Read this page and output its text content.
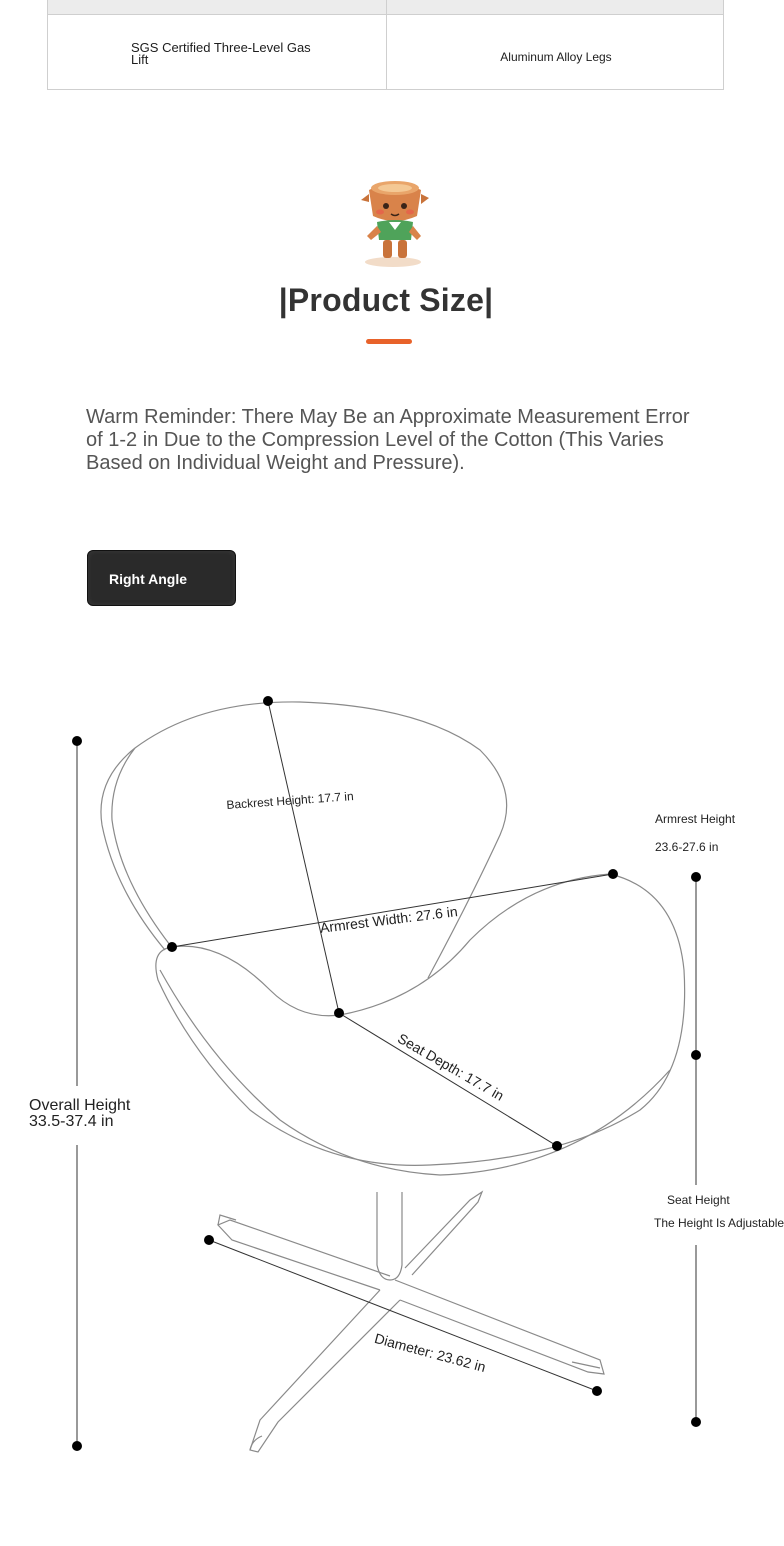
SGS Certified Three-Level Gas Lift	Aluminum Alloy Legs
|Product Size|
Warm Reminder: There May Be an Approximate Measurement Error of 1-2 in Due to the Compression Level of the Cotton (This Varies Based on Individual Weight and Pressure).
Right Angle Design
Overall Height
33.5-37.4 in
Backrest Height: 17.7 in
Armrest Width: 27.6 in
Seat Depth: 17.7 in
Diameter: 23.62 in
Armrest Height
23.6-27.6 in
Seat Height
The Height Is Adjustable
